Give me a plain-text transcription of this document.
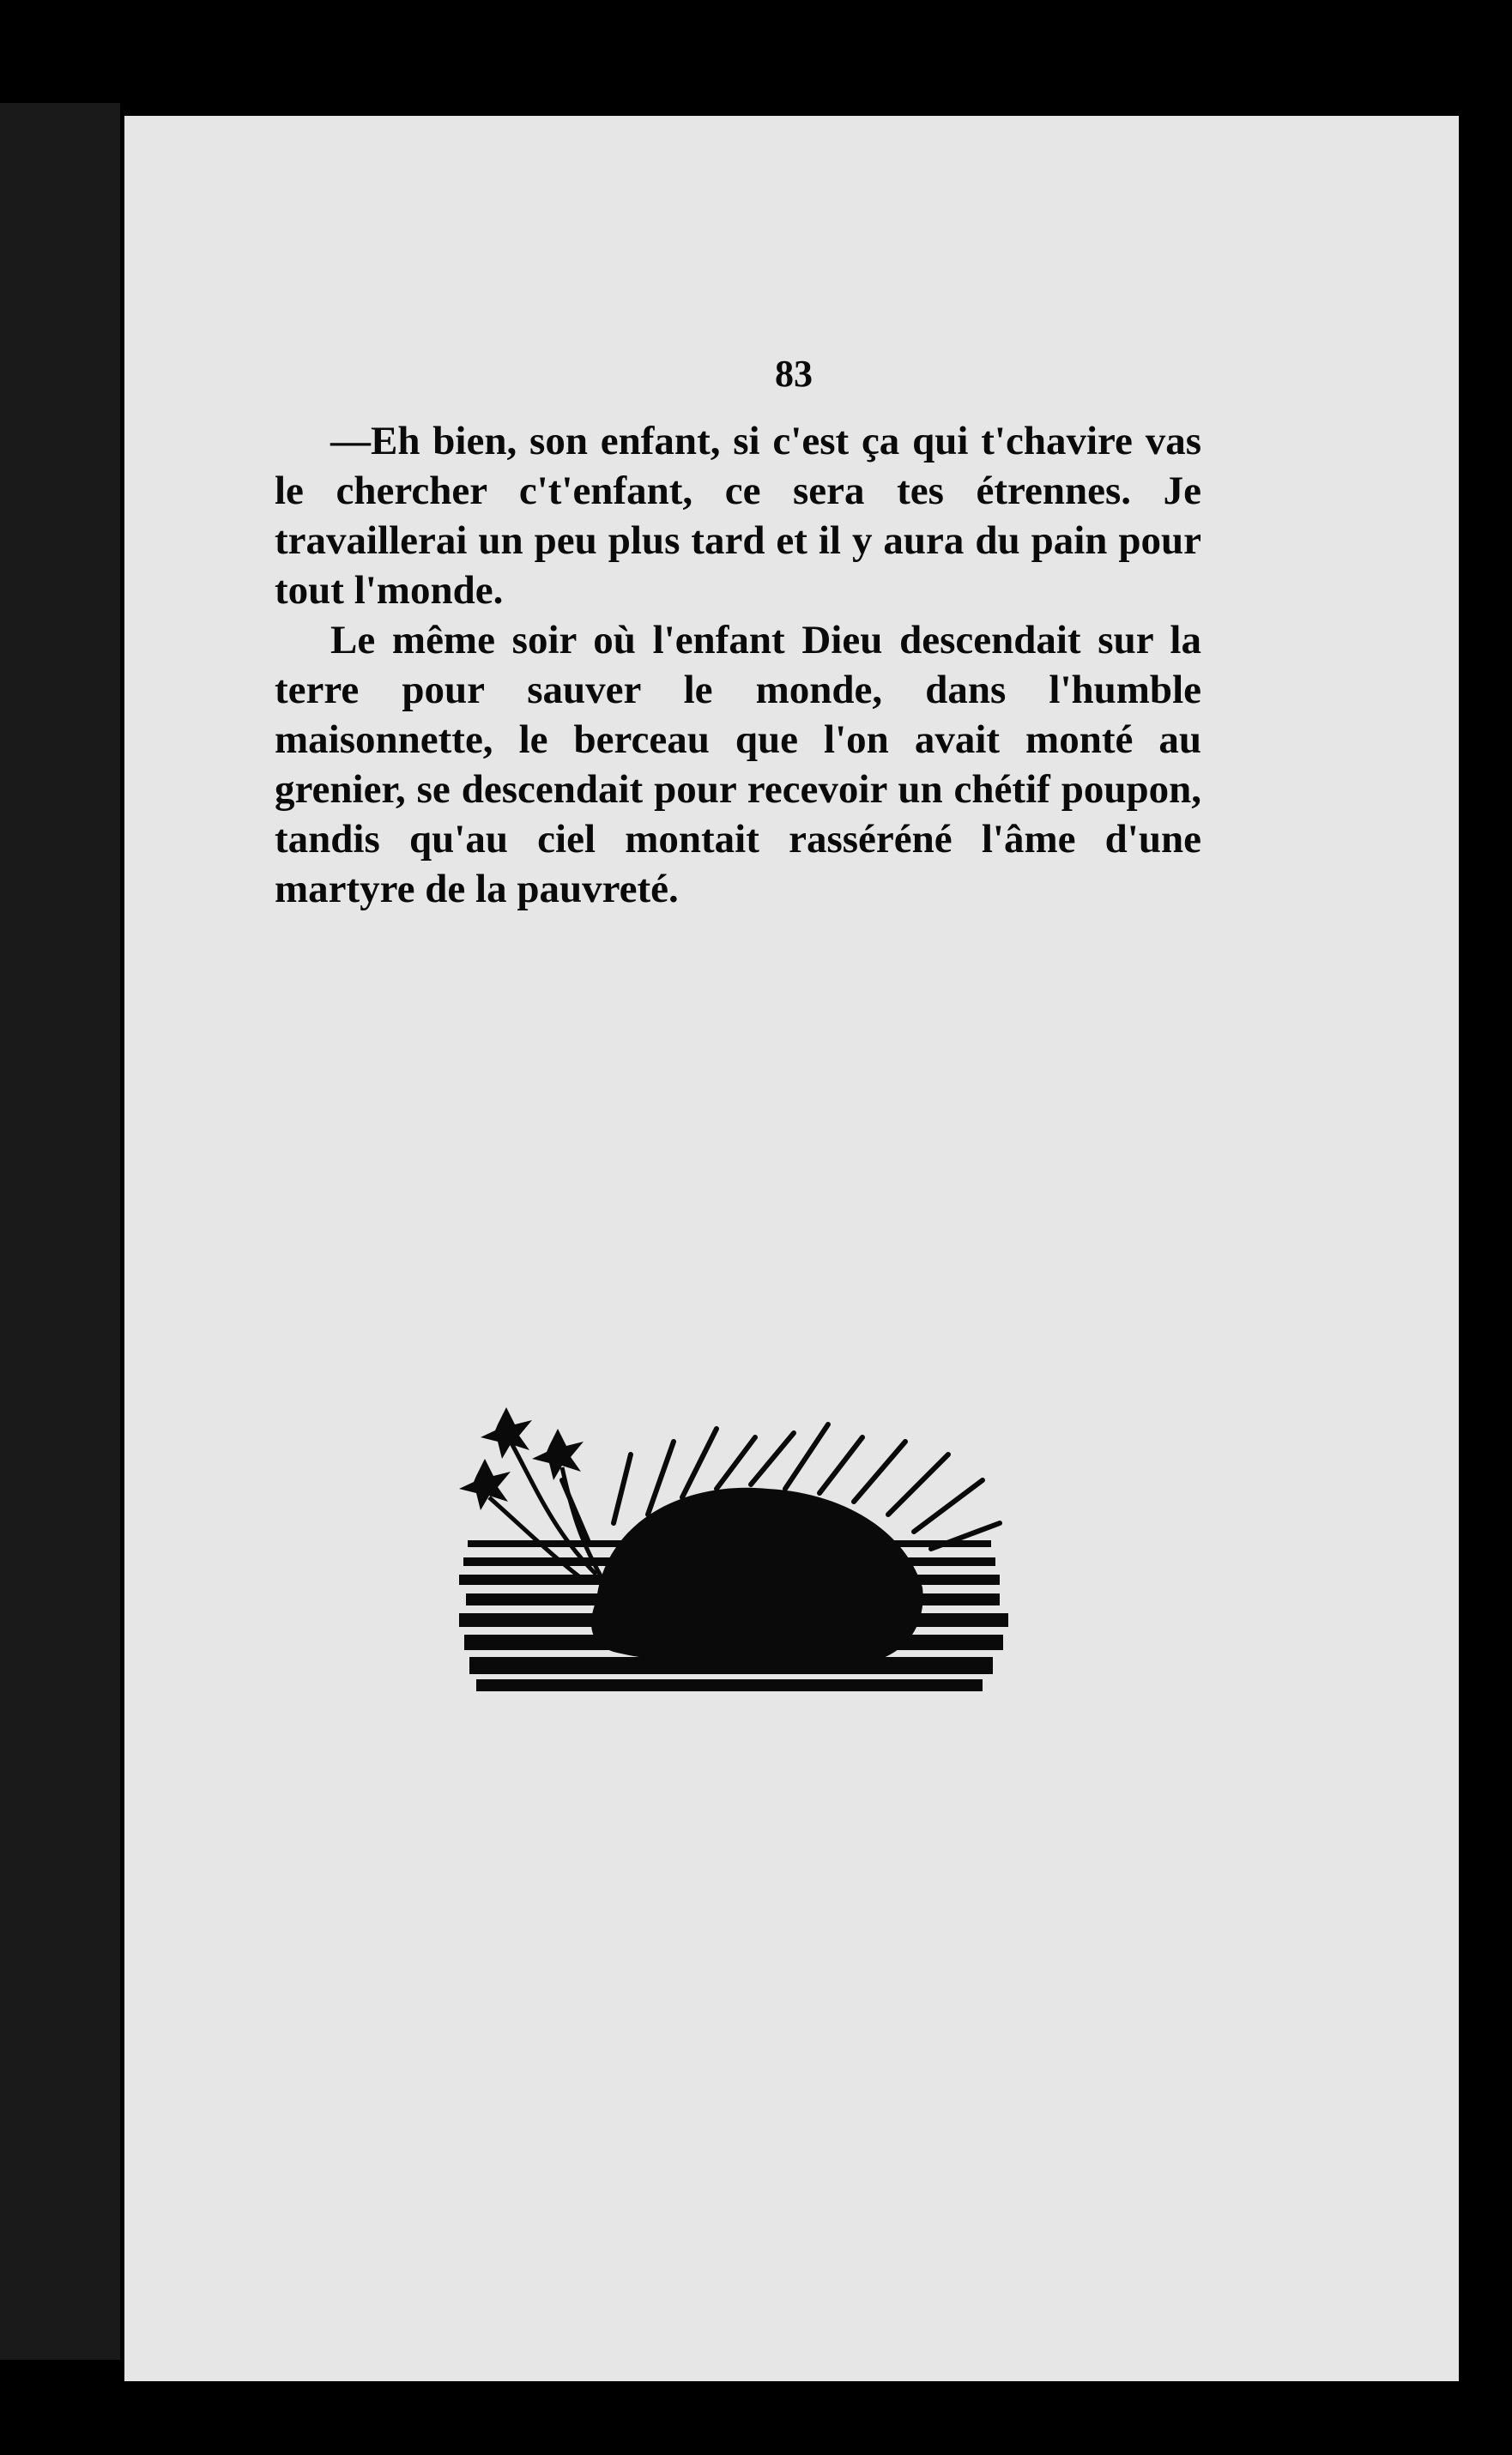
83

—Eh bien, son enfant, si c'est ça qui t'chavire vas le chercher c't'enfant, ce sera tes étrennes. Je travaillerai un peu plus tard et il y aura du pain pour tout l'monde.

Le même soir où l'enfant Dieu descendait sur la terre pour sauver le monde, dans l'humble maisonnette, le berceau que l'on avait monté au grenier, se descendait pour recevoir un chétif poupon, tandis qu'au ciel montait rasséréné l'âme d'une martyre de la pauvreté.
